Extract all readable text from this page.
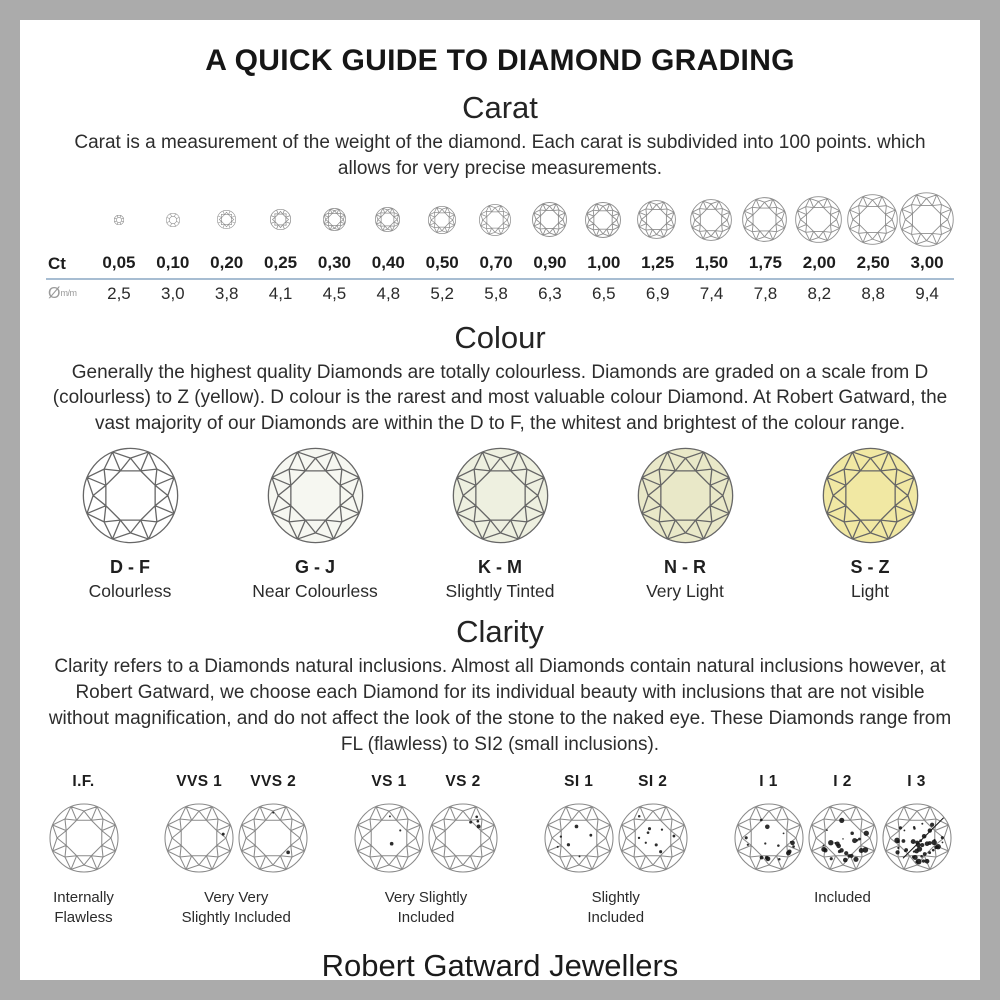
A QUICK GUIDE TO DIAMOND GRADING
Carat

Carat is a measurement of the weight of the diamond. Each carat is subdivided into 100 points. which allows for very precise measurements.

Ct	0,05	0,10	0,20	0,25	0,30	0,40	0,50	0,70	0,90	1,00	1,25	1,50	1,75	2,00	2,50	3,00
Øm/m	2,5	3,0	3,8	4,1	4,5	4,8	5,2	5,8	6,3	6,5	6,9	7,4	7,8	8,2	8,8	9,4
Colour

Generally the highest quality Diamonds are totally colourless. Diamonds are graded on a scale from D (colourless) to Z (yellow). D colour is the rarest and most valuable colour Diamond. At Robert Gatward, the vast majority of our Diamonds are within the D to F, the whitest and brightest of the colour range.

D - F
Colourless
G - J
Near Colourless
K - M
Slightly Tinted
N - R
Very Light
S - Z
Light
Clarity

Clarity refers to a Diamonds natural inclusions. Almost all Diamonds contain natural inclusions however, at Robert Gatward, we choose each Diamond for its individual beauty with inclusions that are not visible without magnification, and do not affect the look of the stone to the naked eye. These Diamonds range from FL (flawless) to SI2 (small inclusions).

I.F.
Internally
Flawless
VVS 1 VVS 2
Very Very
Slightly Included
VS 1	VS 2
Very Slightly
Included
SI 1	SI 2
Slightly
Included
I 1	I 2	I 3
Included
Robert Gatward Jewellers
